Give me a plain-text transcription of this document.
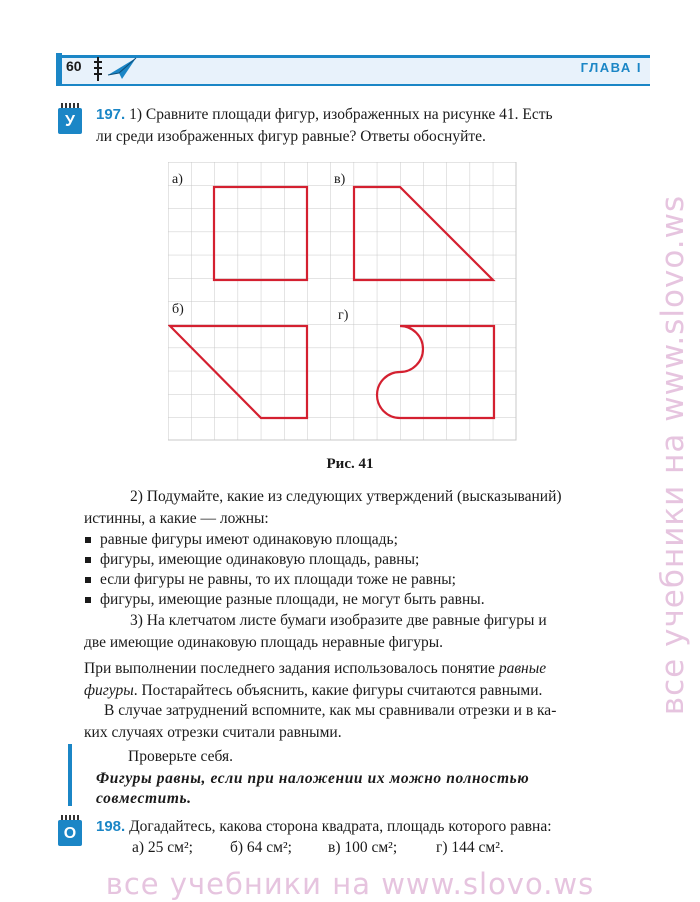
60	ГЛАВА I
все учебники на www.slovo.ws
У	197. 1) Сравните площади фигур, изображенных на рисунке 41. Есть
ли среди изображенных фигур равные? Ответы обоснуйте.
а)	в)
б)	г)
Рис. 41
2) Подумайте, какие из следующих утверждений (высказываний)
истинны, а какие — ложны:
равные фигуры имеют одинаковую площадь;
фигуры, имеющие одинаковую площадь, равны;
если фигуры не равны, то их площади тоже не равны;
фигуры, имеющие разные площади, не могут быть равны.
3) На клетчатом листе бумаги изобразите две равные фигуры и
две имеющие одинаковую площадь неравные фигуры.
При выполнении последнего задания использовалось понятие равные
фигуры. Постарайтесь объяснить, какие фигуры считаются равными.
В случае затруднений вспомните, как мы сравнивали отрезки и в ка-
ких случаях отрезки считали равными.
Проверьте себя.
Фигуры равны, если при наложении их можно полностью
совместить.
О	198. Догадайтесь, какова сторона квадрата, площадь которого равна:
а) 25 см²; б) 64 см²; в) 100 см²;	г) 144 см².
все учебники на www.slovo.ws
